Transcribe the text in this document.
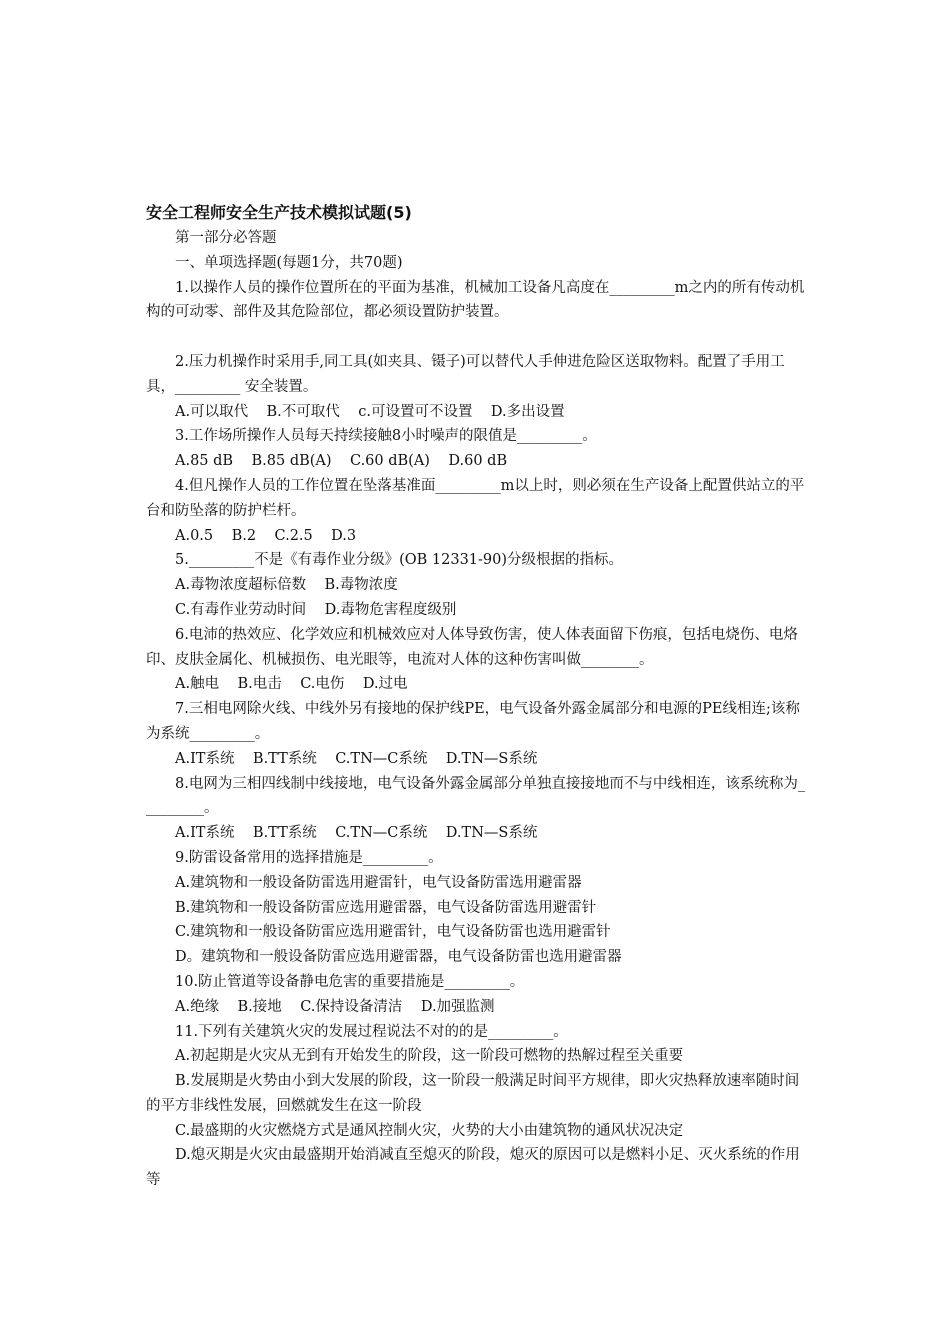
安全工程师安全生产技术模拟试题(5)

第一部分必答题

一、单项选择题(每题1分，共70题)

1.以操作人员的操作位置所在的平面为基准，机械加工设备凡高度在_________m之内的所有传动机构的可动零、部件及其危险部位，都必须设置防护装置。

2.压力机操作时采用手,同工具(如夹具、镊子)可以替代人手伸进危险区送取物料。配置了手用工具，_________ 安全装置。

A.可以取代    B.不可取代    c.可设置可不设置    D.多出设置

3.工作场所操作人员每天持续接触8小时噪声的限值是_________。

A.85 dB    B.85 dB(A)    C.60 dB(A)    D.60 dB

4.但凡操作人员的工作位置在坠落基准面_________m以上时，则必须在生产设备上配置供站立的平台和防坠落的防护栏杆。

A.0.5    B.2    C.2.5    D.3

5._________不是《有毒作业分级》(OB 12331-90)分级根据的指标。

A.毒物浓度超标倍数    B.毒物浓度

C.有毒作业劳动时间    D.毒物危害程度级别

6.电沛的热效应、化学效应和机械效应对人体导致伤害，使人体表面留下伤痕，包括电烧伤、电烙印、皮肤金属化、机械损伤、电光眼等，电流对人体的这种伤害叫做________。

A.触电    B.电击    C.电伤    D.过电

7.三相电网除火线、中线外另有接地的保护线PE，电气设备外露金属部分和电源的PE线相连;该称为系统_________。

A.IT系统    B.TT系统    C.TN—C系统    D.TN—S系统

8.电网为三相四线制中线接地，电气设备外露金属部分单独直接接地而不与中线相连，该系统称为_________。

A.IT系统    B.TT系统    C.TN—C系统    D.TN—S系统

9.防雷设备常用的选择措施是_________。

A.建筑物和一般设备防雷选用避雷针，电气设备防雷选用避雷器

B.建筑物和一般设备防雷应选用避雷器，电气设备防雷选用避雷针

C.建筑物和一般设备防雷应选用避雷针，电气设备防雷也选用避雷针

D。建筑物和一般设备防雷应选用避雷器，电气设备防雷也选用避雷器

10.防止管道等设备静电危害的重要措施是_________。

A.绝缘    B.接地    C.保持设备清洁    D.加强监测

11.下列有关建筑火灾的发展过程说法不对的的是_________。

A.初起期是火灾从无到有开始发生的阶段，这一阶段可燃物的热解过程至关重要

B.发展期是火势由小到大发展的阶段，这一阶段一般满足时间平方规律，即火灾热释放速率随时间的平方非线性发展，回燃就发生在这一阶段

C.最盛期的火灾燃烧方式是通风控制火灾，火势的大小由建筑物的通风状况决定

D.熄灭期是火灾由最盛期开始消减直至熄灭的阶段，熄灭的原因可以是燃料小足、灭火系统的作用等
